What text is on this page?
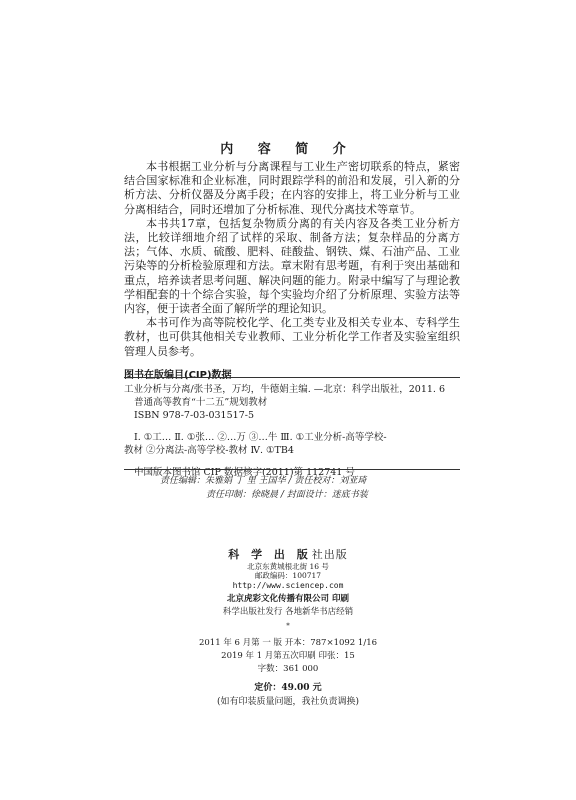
内 容 简 介

本书根据工业分析与分离课程与工业生产密切联系的特点，紧密结合国家标准和企业标准，同时跟踪学科的前沿和发展，引入新的分析方法、分析仪器及分离手段；在内容的安排上，将工业分析与工业分离相结合，同时还增加了分析标准、现代分离技术等章节。

本书共17章，包括复杂物质分离的有关内容及各类工业分析方法，比较详细地介绍了试样的采取、制备方法；复杂样品的分离方法；气体、水质、硫酸、肥料、硅酸盐、钢铁、煤、石油产品、工业污染等的分析检验原理和方法。章末附有思考题，有利于突出基础和重点，培养读者思考问题、解决问题的能力。附录中编写了与理论教学相配套的十个综合实验，每个实验均介绍了分析原理、实验方法等内容，便于读者全面了解所学的理论知识。

本书可作为高等院校化学、化工类专业及相关专业本、专科学生教材，也可供其他相关专业教师、工业分析化学工作者及实验室组织管理人员参考。

图书在版编目(CIP)数据
工业分析与分离/张书圣，万均，牛德娟主编. —北京：科学出版社，2011. 6
普通高等教育“十二五”规划教材
ISBN 978-7-03-031517-5
Ⅰ. ①工… Ⅱ. ①张… ②…万 ③…牛 Ⅲ. ①工业分析-高等学校-
教材 ②分离法-高等学校-教材 Ⅳ. ①TB4
中国版本图书馆 CIP 数据核字(2011)第 112741 号
责任编辑：朱雅娟 丁 里 王国华 / 责任校对：刘亚琦
责任印制：徐晓晨 / 封面设计：迷底书装
科 学 出 版社出版
北京东黄城根北街 16 号
邮政编码：100717
http://www.sciencep.com
北京虎彩文化传播有限公司 印刷
科学出版社发行 各地新华书店经销
*
2011 年 6 月第 一 版 开本：787×1092 1/16
2019 年 1 月第五次印刷 印张：15
字数：361 000
定价：49.00 元
(如有印装质量问题，我社负责调换)
